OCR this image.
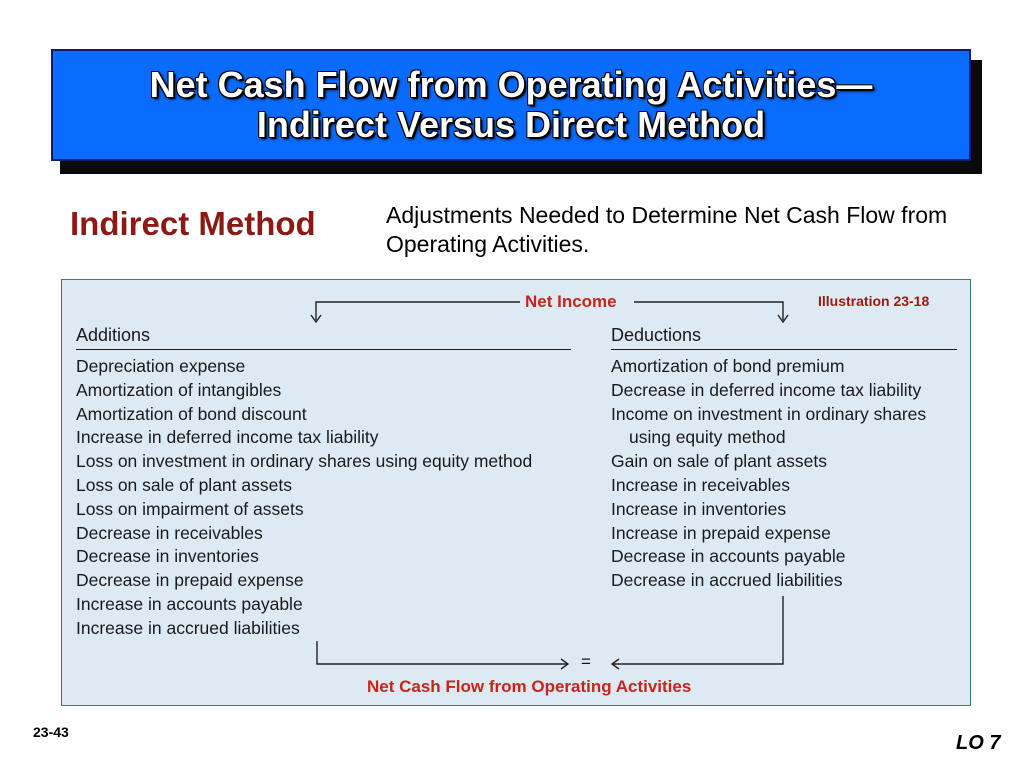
Net Cash Flow from Operating Activities—
Indirect Versus Direct Method
Indirect Method	Adjustments Needed to Determine Net Cash Flow from Operating Activities.
Net Income	Illustration 23-18
Additions
Depreciation expense
Amortization of intangibles
Amortization of bond discount
Increase in deferred income tax liability
Loss on investment in ordinary shares using equity method
Loss on sale of plant assets
Loss on impairment of assets
Decrease in receivables
Decrease in inventories
Decrease in prepaid expense
Increase in accounts payable
Increase in accrued liabilities
Deductions
Amortization of bond premium
Decrease in deferred income tax liability
Income on investment in ordinary shares
using equity method
Gain on sale of plant assets
Increase in receivables
Increase in inventories
Increase in prepaid expense
Decrease in accounts payable
Decrease in accrued liabilities
=
Net Cash Flow from Operating Activities
23-43	LO 7
